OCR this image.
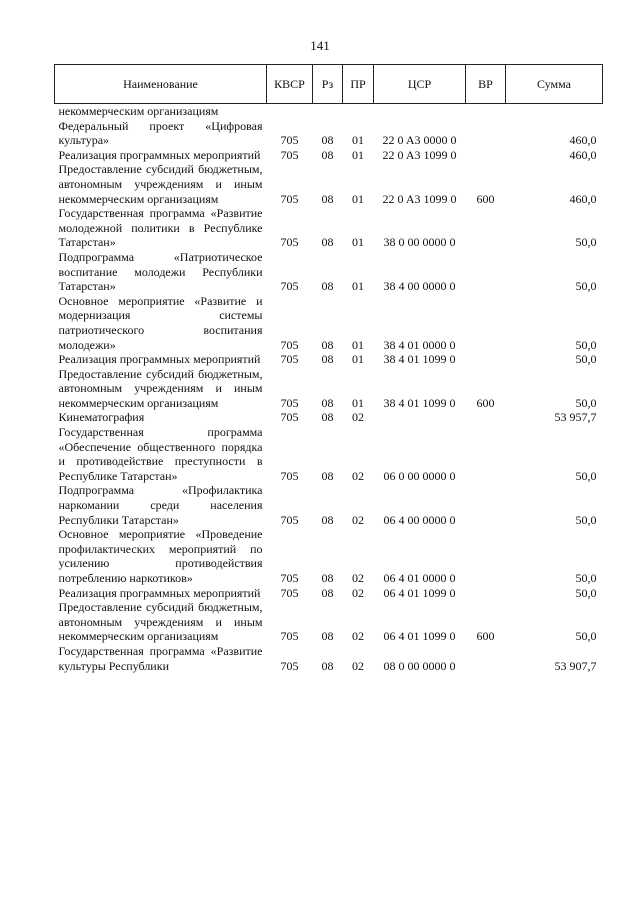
141
Наименование	КВСР	Рз	ПР	ЦСР	ВР	Сумма
некоммерческим организациям						
Федеральный проект «Цифровая культура»	705	08	01	22 0 A3 0000 0		460,0
Реализация программных мероприятий	705	08	01	22 0 A3 1099 0		460,0
Предоставление субсидий бюджетным, автономным учреждениям и иным некоммерческим организациям	705	08	01	22 0 A3 1099 0	600	460,0
Государственная программа «Развитие молодежной политики в Республике Татарстан»	705	08	01	38 0 00 0000 0		50,0
Подпрограмма «Патриотическое воспитание молодежи Республики Татарстан»	705	08	01	38 4 00 0000 0		50,0
Основное мероприятие «Развитие и модернизация системы патриотического воспитания молодежи»	705	08	01	38 4 01 0000 0		50,0
Реализация программных мероприятий	705	08	01	38 4 01 1099 0		50,0
Предоставление субсидий бюджетным, автономным учреждениям и иным некоммерческим организациям	705	08	01	38 4 01 1099 0	600	50,0
Кинематография	705	08	02			53 957,7
Государственная программа «Обеспечение общественного порядка и противодействие преступности в Республике Татарстан»	705	08	02	06 0 00 0000 0		50,0
Подпрограмма «Профилактика наркомании среди населения Республики Татарстан»	705	08	02	06 4 00 0000 0		50,0
Основное мероприятие «Проведение профилактических мероприятий по усилению противодействия потреблению наркотиков»	705	08	02	06 4 01 0000 0		50,0
Реализация программных мероприятий	705	08	02	06 4 01 1099 0		50,0
Предоставление субсидий бюджетным, автономным учреждениям и иным некоммерческим организациям	705	08	02	06 4 01 1099 0	600	50,0
Государственная программа «Развитие культуры Республики	705	08	02	08 0 00 0000 0		53 907,7
